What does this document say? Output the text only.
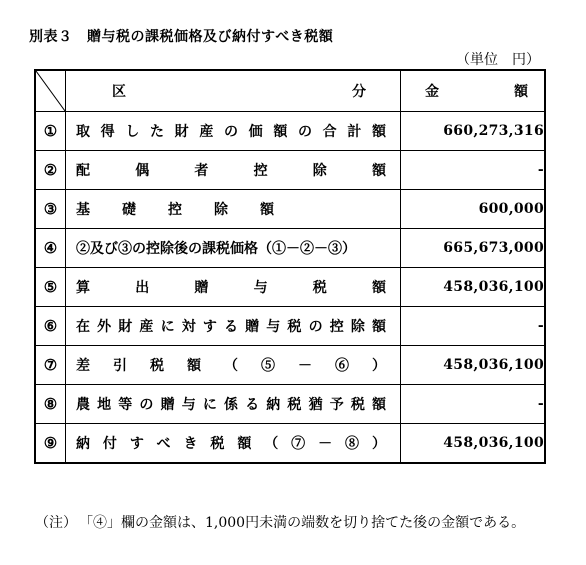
別表３　贈与税の課税価格及び納付すべき税額
（単位　円）

区 分	金 額

①	取得した財産の価額の合計額	660,273,316
②	配偶者控除額	-
③	基礎控除額	600,000
④	②及び③の控除後の課税価格（①－②－③）	665,673,000
⑤	算出贈与税額	458,036,100
⑥	在外財産に対する贈与税の控除額	-
⑦	差引税額（⑤－⑥）	458,036,100
⑧	農地等の贈与に係る納税猶予税額	-
⑨	納付すべき税額（⑦－⑧）	458,036,100
（注） 「④」欄の金額は、1,000円未満の端数を切り捨てた後の金額である。
